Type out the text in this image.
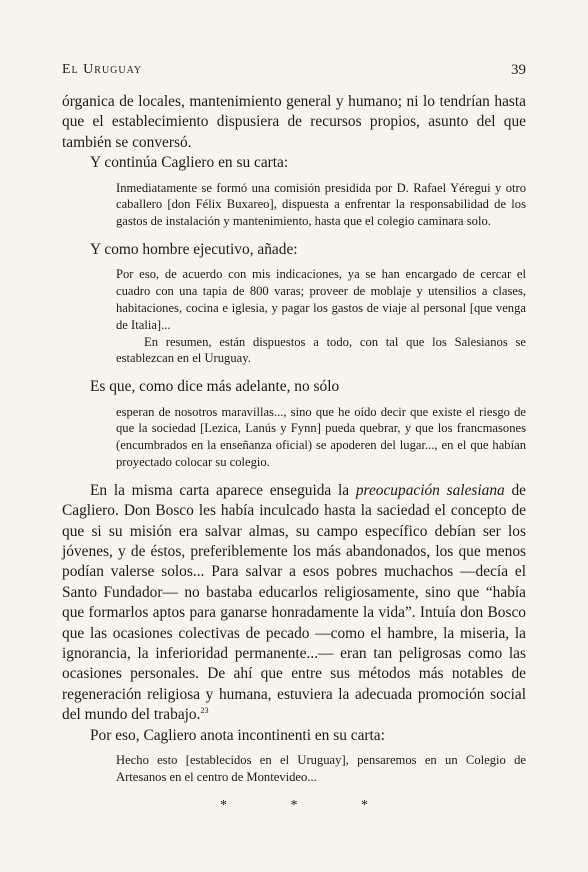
El Uruguay	39

órganica de locales, mantenimiento general y humano; ni lo tendrían hasta que el establecimiento dispusiera de recursos propios, asunto del que también se conversó.

Y continúa Cagliero en su carta:

Inmediatamente se formó una comisión presidida por D. Rafael Yéregui y otro caballero [don Félix Buxareo], dispuesta a enfrentar la responsabilidad de los gastos de instalación y mantenimiento, hasta que el colegio caminara solo.

Y como hombre ejecutivo, añade:

Por eso, de acuerdo con mis indicaciones, ya se han encargado de cercar el cuadro con una tapia de 800 varas; proveer de moblaje y utensilios a clases, habitaciones, cocina e iglesia, y pagar los gastos de viaje al personal [que venga de Italia]...

En resumen, están dispuestos a todo, con tal que los Salesianos se establezcan en el Uruguay.

Es que, como dice más adelante, no sólo

esperan de nosotros maravillas..., sino que he oído decir que existe el riesgo de que la sociedad [Lezica, Lanús y Fynn] pueda quebrar, y que los francmasones (encumbrados en la enseñanza oficial) se apoderen del lugar..., en el que habían proyectado colocar su colegio.

En la misma carta aparece enseguida la preocupación salesiana de Cagliero. Don Bosco les había inculcado hasta la saciedad el concepto de que si su misión era salvar almas, su campo específico debían ser los jóvenes, y de éstos, preferiblemente los más abandonados, los que menos podían valerse solos... Para salvar a esos pobres muchachos —decía el Santo Fundador— no bastaba educarlos religiosamente, sino que “había que formarlos aptos para ganarse honradamente la vida”. Intuía don Bosco que las ocasiones colectivas de pecado —como el hambre, la miseria, la ignorancia, la inferioridad permanente...— eran tan peligrosas como las ocasiones personales. De ahí que entre sus métodos más notables de regeneración religiosa y humana, estuviera la adecuada promoción social del mundo del trabajo.$^{23}$

Por eso, Cagliero anota incontinenti en su carta:

Hecho esto [establecidos en el Uruguay], pensaremos en un Colegio de Artesanos en el centro de Montevideo...

* * *
